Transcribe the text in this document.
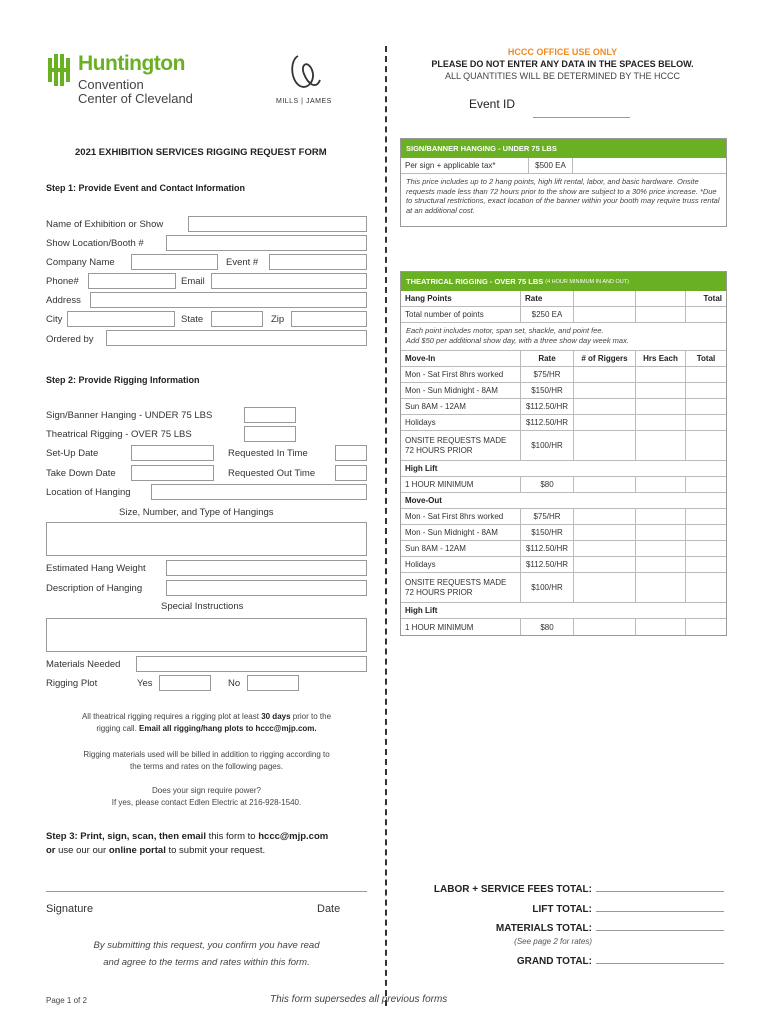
Huntington
Convention
Center of Cleveland	MILLS | JAMES
2021 EXHIBITION SERVICES RIGGING REQUEST FORM
Step 1: Provide Event and Contact Information
Name of Exhibition or Show
Show Location/Booth #
Company Name	Event #
Phone#	Email
Address
City	State	Zip
Ordered by
Step 2: Provide Rigging Information
Sign/Banner Hanging - UNDER 75 LBS
Theatrical Rigging - OVER 75 LBS
Set-Up Date	Requested In Time
Take Down Date	Requested Out Time
Location of Hanging
Size, Number, and Type of Hangings
Estimated Hang Weight
Description of Hanging
Special Instructions
Materials Needed
Rigging Plot	Yes	No
All theatrical rigging requires a rigging plot at least 30 days prior to the
rigging call. Email all rigging/hang plots to hccc@mjp.com.
Rigging materials used will be billed in addition to rigging according to
the terms and rates on the following pages.
Does your sign require power?
If yes, please contact Edlen Electric at 216-928-1540.
Step 3: Print, sign, scan, then email this form to hccc@mjp.com
or use our our online portal to submit your request.
Signature	Date
By submitting this request, you confirm you have read
and agree to the terms and rates within this form.
Page 1 of 2	This form supersedes all previous forms
HCCC OFFICE USE ONLY
PLEASE DO NOT ENTER ANY DATA IN THE SPACES BELOW.
ALL QUANTITIES WILL BE DETERMINED BY THE HCCC
Event ID
SIGN/BANNER HANGING - UNDER 75 LBS
Per sign + applicable tax*	$500 EA
This price includes up to 2 hang points, high lift rental, labor, and basic hardware. Onsite requests made less than 72 hours prior to the show are subject to a 30% price increase. *Due to structural restrictions, exact location of the banner within your booth may require truss rental at an additional cost.
THEATRICAL RIGGING - OVER 75 LBS (4 HOUR MINIMUM IN AND OUT)
Hang Points	Rate	Total
Total number of points	$250 EA
Each point includes motor, span set, shackle, and point fee.
Add $50 per additional show day, with a three show day week max.
Move-In	Rate	# of Riggers	Hrs Each	Total
Mon - Sat First 8hrs worked	$75/HR
Mon - Sun Midnight - 8AM	$150/HR
Sun 8AM - 12AM	$112.50/HR
Holidays	$112.50/HR
ONSITE REQUESTS MADE
72 HOURS PRIOR	$100/HR
High Lift
1 HOUR MINIMUM	$80
Move-Out
Mon - Sat First 8hrs worked	$75/HR
Mon - Sun Midnight - 8AM	$150/HR
Sun 8AM - 12AM	$112.50/HR
Holidays	$112.50/HR
ONSITE REQUESTS MADE
72 HOURS PRIOR	$100/HR
High Lift
1 HOUR MINIMUM	$80
LABOR + SERVICE FEES TOTAL:
LIFT TOTAL:
MATERIALS TOTAL:
(See page 2 for rates)
GRAND TOTAL:
